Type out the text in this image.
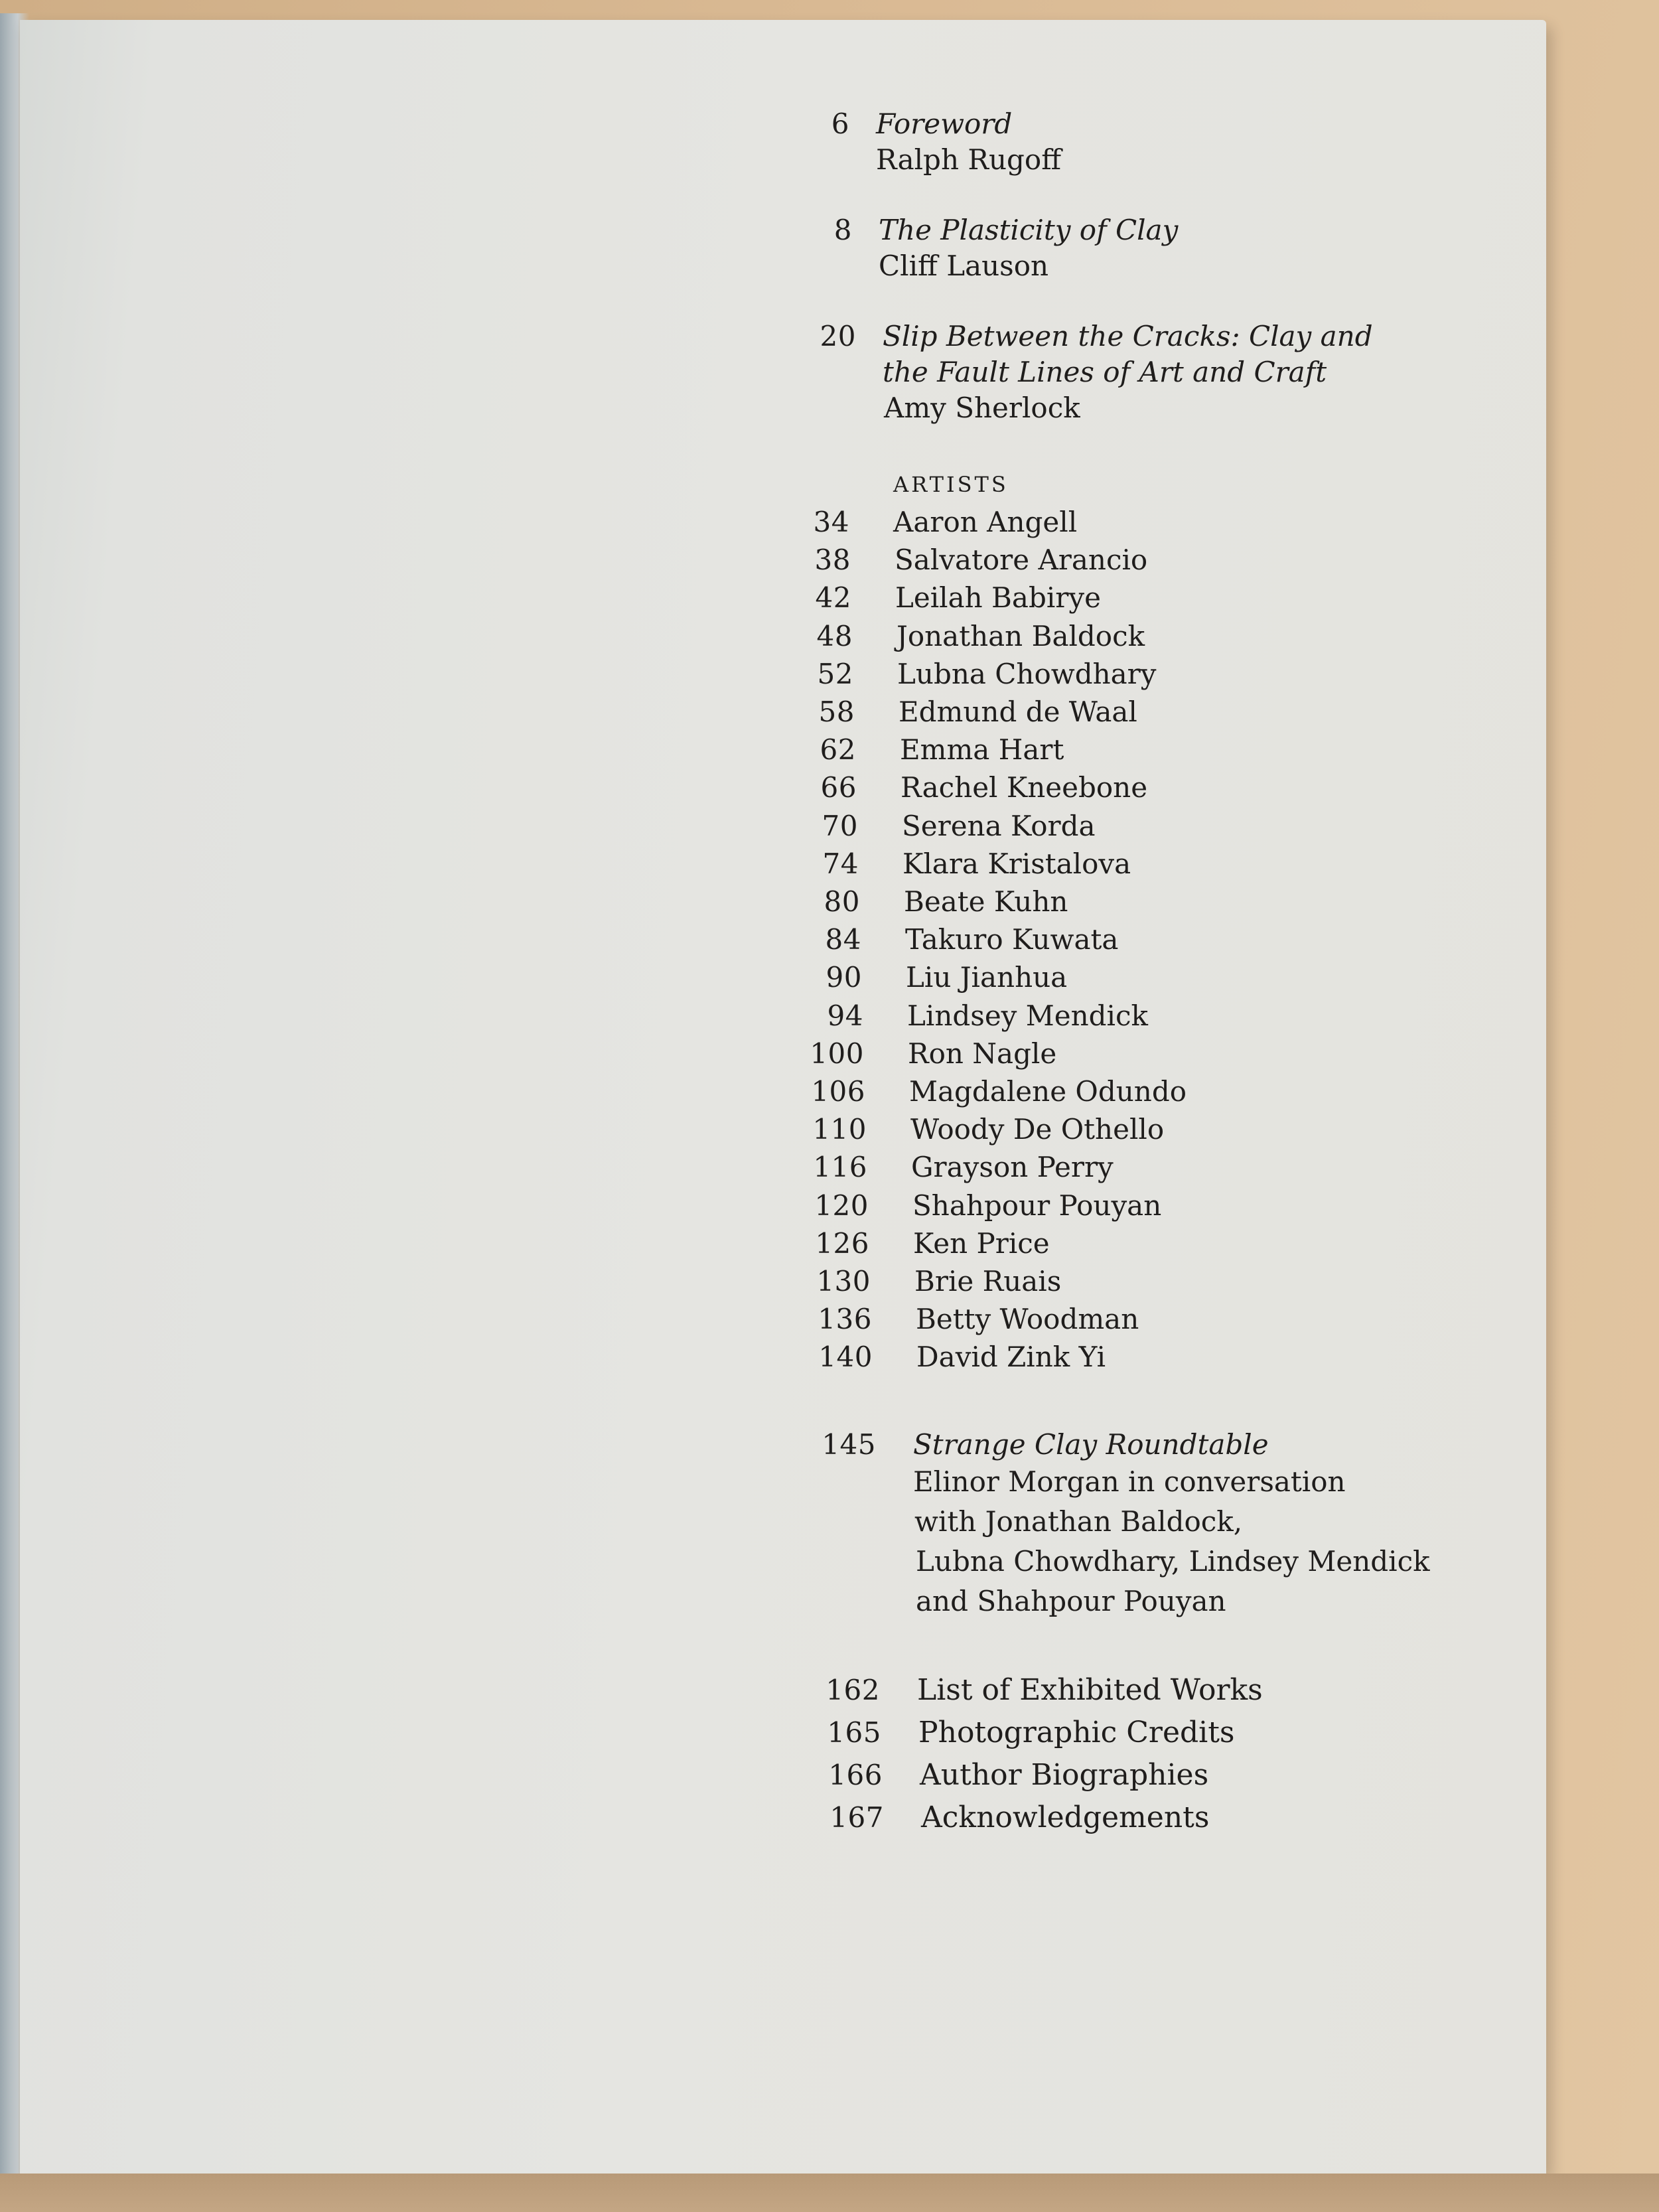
6 Foreword
Ralph Rugoff
8 The Plasticity of Clay
Cliff Lauson
20 Slip Between the Cracks: Clay and
the Fault Lines of Art and Craft
Amy Sherlock
ARTISTS
34 Aaron Angell
38 Salvatore Arancio
42 Leilah Babirye
48 Jonathan Baldock
52 Lubna Chowdhary
58 Edmund de Waal
62 Emma Hart
66 Rachel Kneebone
70 Serena Korda
74 Klara Kristalova
80 Beate Kuhn
84 Takuro Kuwata
90 Liu Jianhua
94 Lindsey Mendick
100 Ron Nagle
106 Magdalene Odundo
110 Woody De Othello
116 Grayson Perry
120 Shahpour Pouyan
126 Ken Price
130 Brie Ruais
136 Betty Woodman
140 David Zink Yi
145 Strange Clay Roundtable
Elinor Morgan in conversation
with Jonathan Baldock,
Lubna Chowdhary, Lindsey Mendick
and Shahpour Pouyan
162 List of Exhibited Works
165 Photographic Credits
166 Author Biographies
167 Acknowledgements
